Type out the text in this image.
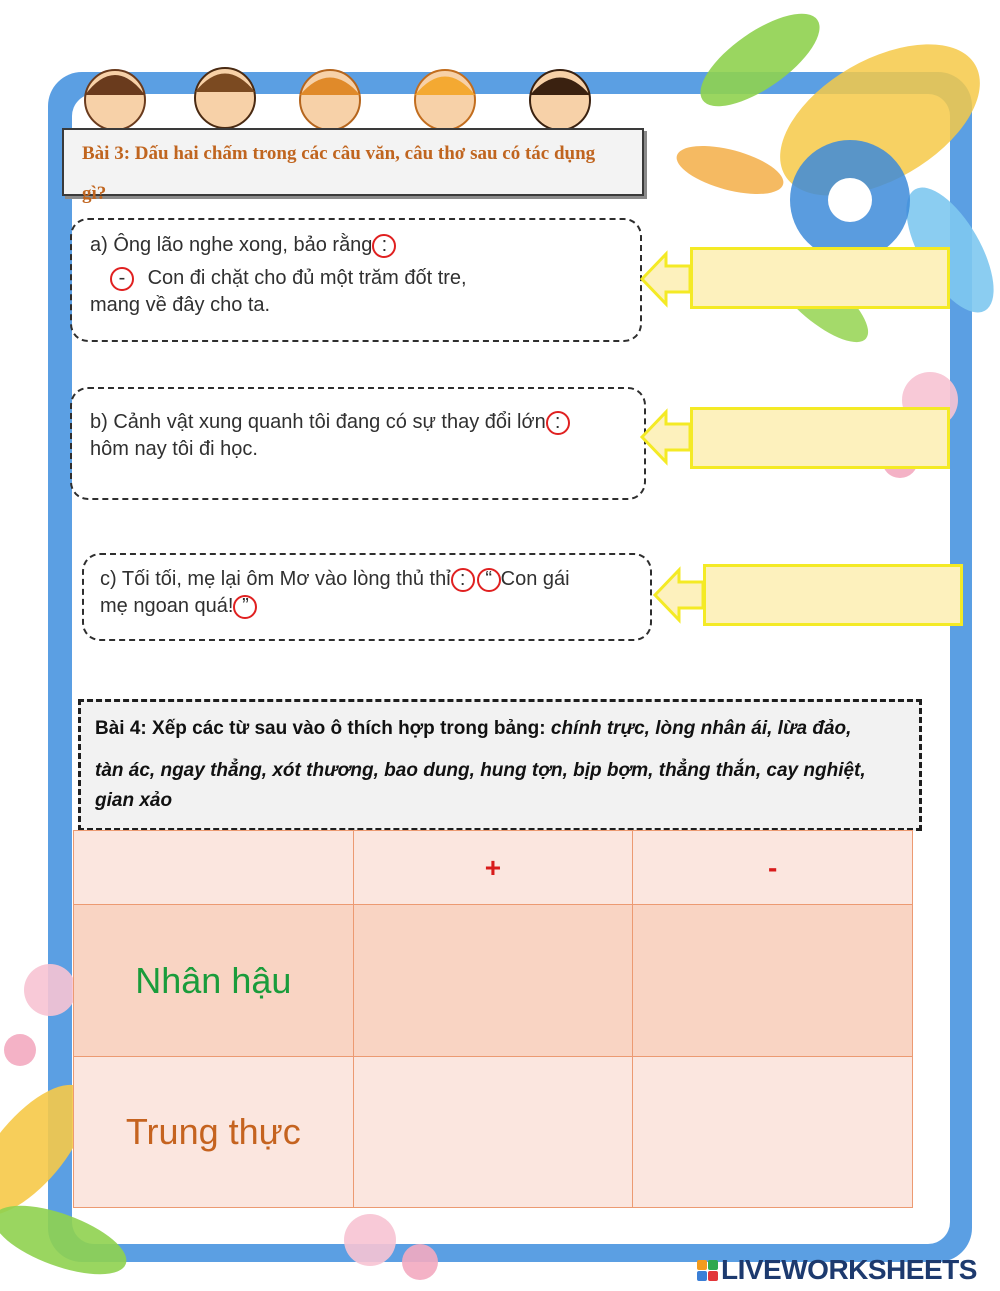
Bài 3: Dấu hai chấm trong các câu văn, câu thơ sau có tác dụng gì?
a) Ông lão nghe xong, bảo rằng :
- Con đi chặt cho đủ một trăm đốt tre,
mang về đây cho ta.
b) Cảnh vật xung quanh tôi đang có sự thay đổi lớn :
hôm nay tôi đi học.
c) Tối tối, mẹ lại ôm Mơ vào lòng thủ thỉ : “ Con gái
mẹ ngoan quá! ”
Bài 4: Xếp các từ sau vào ô thích hợp trong bảng: chính trực, lòng nhân ái, lừa đảo,
tàn ác, ngay thẳng, xót thương, bao dung, hung tợn, bịp bợm, thẳng thắn, cay nghiệt,
gian xảo
	+	-
Nhân hậu		
Trung thực		
LIVEWORKSHEETS
